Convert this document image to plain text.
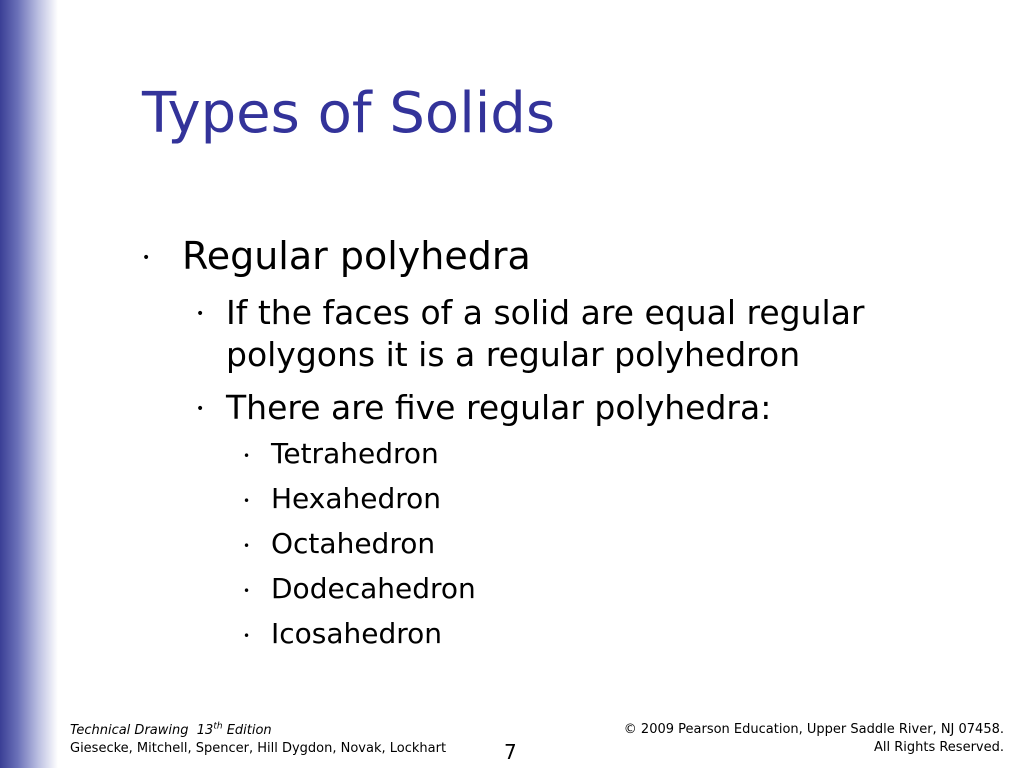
Types of Solids
• Regular polyhedra
• If the faces of a solid are equal regular
polygons it is a regular polyhedron
• There are five regular polyhedra:
• Tetrahedron
• Hexahedron
• Octahedron
• Dodecahedron
• Icosahedron
Technical Drawing 13th Edition
Giesecke, Mitchell, Spencer, Hill Dygdon, Novak, Lockhart	7
© 2009 Pearson Education, Upper Saddle River, NJ 07458.
All Rights Reserved.
